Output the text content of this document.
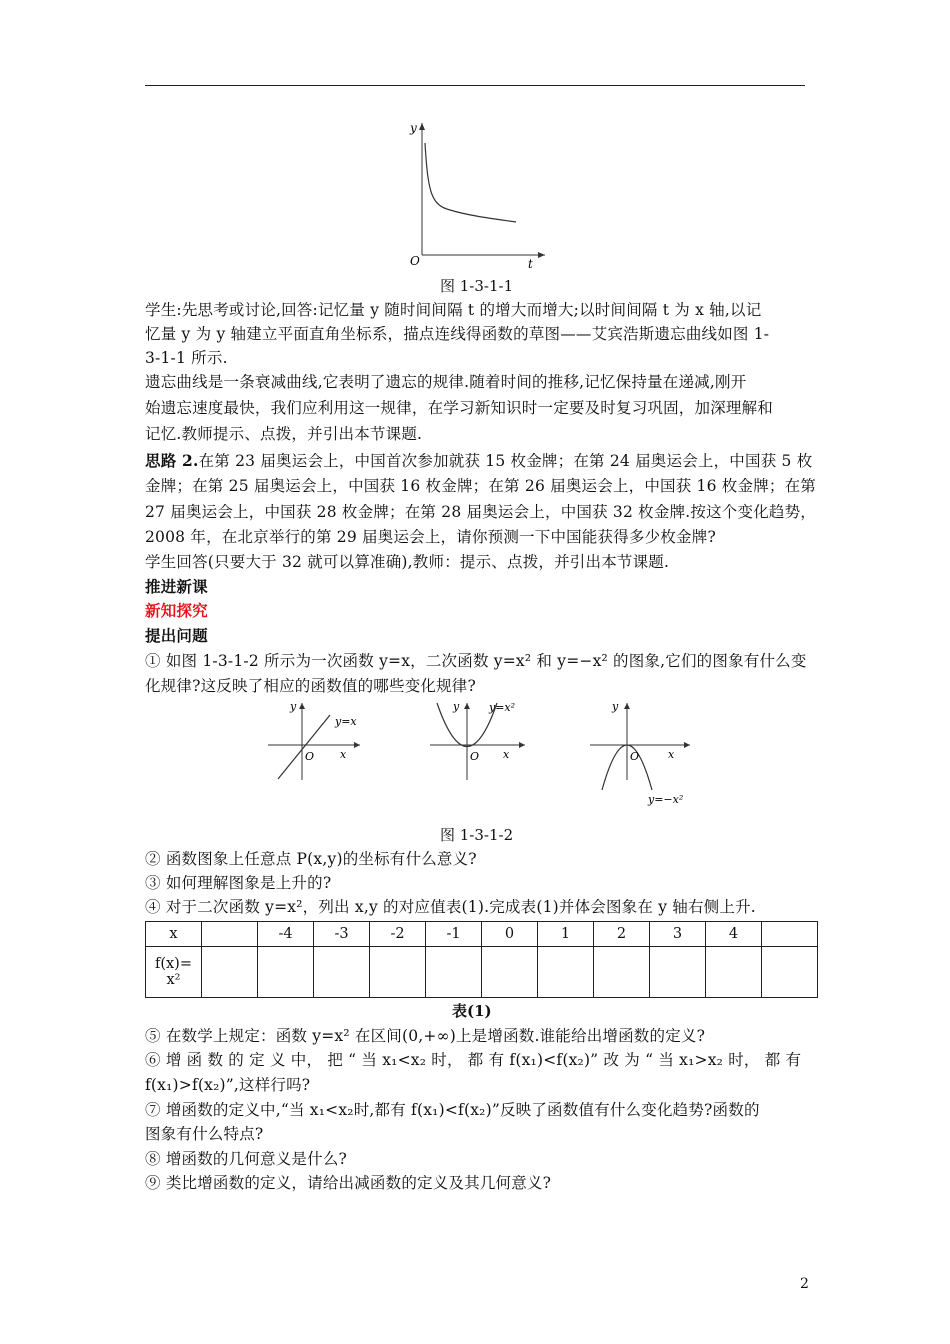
y
t
O
图 1-3-1-1
学生:先思考或讨论,回答:记忆量 y 随时间间隔 t 的增大而增大;以时间间隔 t 为 x 轴,以记
忆量 y 为 y 轴建立平面直角坐标系，描点连线得函数的草图——艾宾浩斯遗忘曲线如图 1-
3-1-1 所示.
遗忘曲线是一条衰减曲线,它表明了遗忘的规律.随着时间的推移,记忆保持量在递减,刚开
始遗忘速度最快，我们应利用这一规律，在学习新知识时一定要及时复习巩固，加深理解和
记忆.教师提示、点拨，并引出本节课题.
思路 2.在第 23 届奥运会上，中国首次参加就获 15 枚金牌；在第 24 届奥运会上，中国获 5 枚
金牌；在第 25 届奥运会上，中国获 16 枚金牌；在第 26 届奥运会上，中国获 16 枚金牌；在第
27 届奥运会上，中国获 28 枚金牌；在第 28 届奥运会上，中国获 32 枚金牌.按这个变化趋势，
2008 年，在北京举行的第 29 届奥运会上，请你预测一下中国能获得多少枚金牌?
学生回答(只要大于 32 就可以算准确),教师：提示、点拨，并引出本节课题.
推进新课
新知探究
提出问题
① 如图 1-3-1-2 所示为一次函数 y=x，二次函数 y=x² 和 y=−x² 的图象,它们的图象有什么变
化规律?这反映了相应的函数值的哪些变化规律?
y
y=x
O x
y	y=x²
O x
y
y=−x²
O	x
图 1-3-1-2
② 函数图象上任意点 P(x,y)的坐标有什么意义?
③ 如何理解图象是上升的?
④ 对于二次函数 y=x²，列出 x,y 的对应值表(1).完成表(1)并体会图象在 y 轴右侧上升.
x		-4	-3	-2	-1	0	1	2	3	4	

f(x)=
x²											

表(1)
⑤ 在数学上规定：函数 y=x² 在区间(0,+∞)上是增函数.谁能给出增函数的定义?
⑥ 增 函 数 的 定 义 中， 把 “ 当 x₁<x₂ 时， 都 有 f(x₁)<f(x₂)” 改 为 “ 当 x₁>x₂ 时， 都 有
f(x₁)>f(x₂)”,这样行吗?
⑦ 增函数的定义中,“当 x₁<x₂时,都有 f(x₁)<f(x₂)”反映了函数值有什么变化趋势?函数的
图象有什么特点?
⑧ 增函数的几何意义是什么?
⑨ 类比增函数的定义，请给出减函数的定义及其几何意义?
2
